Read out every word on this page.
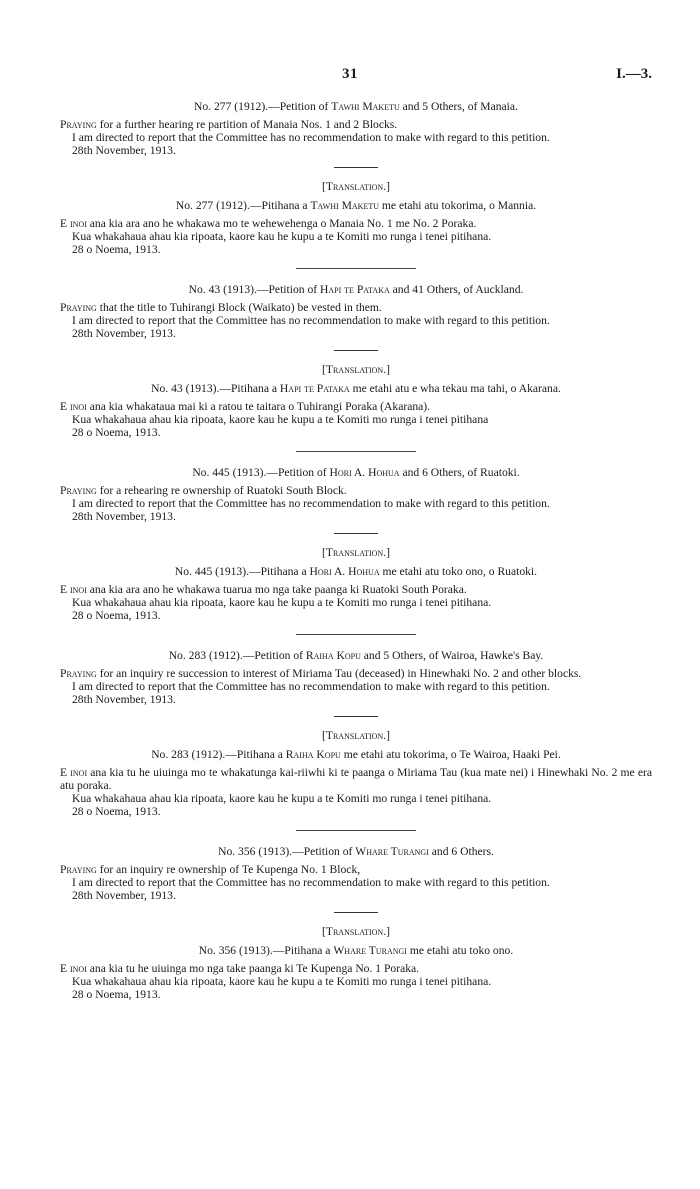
31	I.—3.
No. 277 (1912).—Petition of Tawhi Maketu and 5 Others, of Manaia.
Praying for a further hearing re partition of Manaia Nos. 1 and 2 Blocks.
I am directed to report that the Committee has no recommendation to make with regard to this petition.
28th November, 1913.
[Translation.]
No. 277 (1912).—Pitihana a Tawhi Maketu me etahi atu tokorima, o Mannia.
E inoi ana kia ara ano he whakawa mo te wehewehenga o Manaia No. 1 me No. 2 Poraka.
Kua whakahaua ahau kia ripoata, kaore kau he kupu a te Komiti mo runga i tenei pitihana.
28 o Noema, 1913.
No. 43 (1913).—Petition of Hapi te Pataka and 41 Others, of Auckland.
Praying that the title to Tuhirangi Block (Waikato) be vested in them.
I am directed to report that the Committee has no recommendation to make with regard to this petition.
28th November, 1913.
[Translation.]
No. 43 (1913).—Pitihana a Hapi te Pataka me etahi atu e wha tekau ma tahi, o Akarana.
E inoi ana kia whakataua mai ki a ratou te taitara o Tuhirangi Poraka (Akarana).
Kua whakahaua ahau kia ripoata, kaore kau he kupu a te Komiti mo runga i tenei pitihana
28 o Noema, 1913.
No. 445 (1913).—Petition of Hori A. Hohua and 6 Others, of Ruatoki.
Praying for a rehearing re ownership of Ruatoki South Block.
I am directed to report that the Committee has no recommendation to make with regard to this petition.
28th November, 1913.
[Translation.]
No. 445 (1913).—Pitihana a Hori A. Hohua me etahi atu toko ono, o Ruatoki.
E inoi ana kia ara ano he whakawa tuarua mo nga take paanga ki Ruatoki South Poraka.
Kua whakahaua ahau kia ripoata, kaore kau he kupu a te Komiti mo runga i tenei pitihana.
28 o Noema, 1913.
No. 283 (1912).—Petition of Raiha Kopu and 5 Others, of Wairoa, Hawke's Bay.
Praying for an inquiry re succession to interest of Miriama Tau (deceased) in Hinewhaki No. 2 and other blocks.
I am directed to report that the Committee has no recommendation to make with regard to this petition.
28th November, 1913.
[Translation.]
No. 283 (1912).—Pitihana a Raiha Kopu me etahi atu tokorima, o Te Wairoa, Haaki Pei.
E inoi ana kia tu he uiuinga mo te whakatunga kai-riiwhi ki te paanga o Miriama Tau (kua mate nei) i Hinewhaki No. 2 me era atu poraka.
Kua whakahaua ahau kia ripoata, kaore kau he kupu a te Komiti mo runga i tenei pitihana.
28 o Noema, 1913.
No. 356 (1913).—Petition of Whare Turangi and 6 Others.
Praying for an inquiry re ownership of Te Kupenga No. 1 Block,
I am directed to report that the Committee has no recommendation to make with regard to this petition.
28th November, 1913.
[Translation.]
No. 356 (1913).—Pitihana a Whare Turangi me etahi atu toko ono.
E inoi ana kia tu he uiuinga mo nga take paanga ki Te Kupenga No. 1 Poraka.
Kua whakahaua ahau kia ripoata, kaore kau he kupu a te Komiti mo runga i tenei pitihana.
28 o Noema, 1913.
